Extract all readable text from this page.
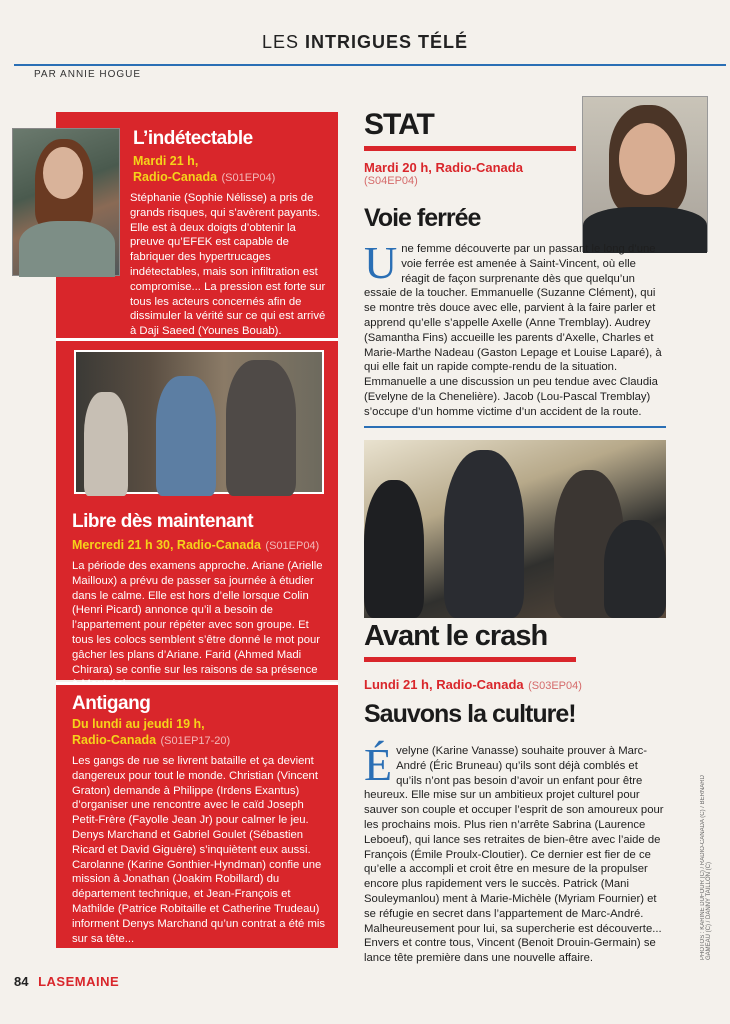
LES INTRIGUES TÉLÉ
PAR ANNIE HOGUE
L’indétectable
Mardi 21 h,
Radio-Canada (S01EP04)
Stéphanie (Sophie Nélisse) a pris de grands risques, qui s’avèrent payants. Elle est à deux doigts d’obtenir la preuve qu’EFEK est capable de fabriquer des hypertrucages indétectables, mais son infiltration est compromise... La pression est forte sur tous les acteurs concernés afin de dissimuler la vérité sur ce qui est arrivé à Daji Saeed (Younes Bouab).
Libre dès maintenant
Mercredi 21 h 30, Radio-Canada (S01EP04)
La période des examens approche. Ariane (Arielle Mailloux) a prévu de passer sa journée à étudier dans le calme. Elle est hors d’elle lorsque Colin (Henri Picard) annonce qu’il a besoin de l’appartement pour répéter avec son groupe. Et tous les colocs semblent s’être donné le mot pour gâcher les plans d’Ariane. Farid (Ahmed Madi Chirara) se confie sur les raisons de sa présence
Antigang
Du lundi au jeudi 19 h,
Radio-Canada (S01EP17-20)
Les gangs de rue se livrent bataille et ça devient dangereux pour tout le monde. Christian (Vincent Graton) demande à Philippe (Irdens Exantus) d’organiser une rencontre avec le caïd Joseph Petit-Frère (Fayolle Jean Jr) pour calmer le jeu. Denys Marchand et Gabriel Goulet (Sébastien Ricard et David Giguère) s’inquiètent eux aussi. Carolanne (Karine Gonthier-Hyndman) confie une mission à Jonathan (Joakim Robillard) du département technique, et Jean-François et Mathilde (Patrice Robitaille et Catherine Trudeau) informent Denys Marchand qu’un contrat a été mis sur sa tête...
STAT
Mardi 20 h, Radio-Canada
(S04EP04)
Voie ferrée
U ne femme découverte par un passant le long d’une voie ferrée est amenée à Saint-Vincent, où elle réagit de façon surprenante dès que quelqu’un essaie de la toucher. Emmanuelle (Suzanne Clément), qui se montre très douce avec elle, parvient à la faire parler et apprend qu’elle s’appelle Axelle (Anne Tremblay). Audrey (Samantha Fins) accueille les parents d’Axelle, Charles et Marie-Marthe Nadeau (Gaston Lepage et Louise Laparé), à qui elle fait un rapide compte-rendu de la situation. Emmanuelle a une discussion un peu tendue avec Claudia (Evelyne de la Chenelière). Jacob (Lou-Pascal Tremblay) s’occupe d’un homme victime d’un accident de la route.
Avant le crash
Lundi 21 h, Radio-Canada (S03EP04)
Sauvons la culture!
É velyne (Karine Vanasse) souhaite prouver à Marc-André (Éric Bruneau) qu’ils sont déjà comblés et qu’ils n’ont pas besoin d’avoir un enfant pour être heureux. Elle mise sur un ambitieux projet culturel pour sauver son couple et occuper l’esprit de son amoureux pour les prochains mois. Plus rien n’arrête Sabrina (Laurence Leboeuf), qui lance ses retraites de bien-être avec l’aide de François (Émile Proulx-Cloutier). Ce dernier est fier de ce qu’elle a accompli et croit être en mesure de la propulser encore plus rapidement vers le succès. Patrick (Mani Souleymanlou) ment à Marie-Michèle (Myriam Fournier) et se réfugie en secret dans l’appartement de Marc-André. Malheureusement pour lui, sa supercherie est découverte... Envers et contre tous, Vincent (Benoit Drouin-Germain) se lance tête première dans une nouvelle affaire.	PHOTOS : KARINE DUFOUR (C) / RADIO-CANADA (C) / BERNARD GAMEAU (C) / DANNY TAILLON (C)
84 LASEMAINE
